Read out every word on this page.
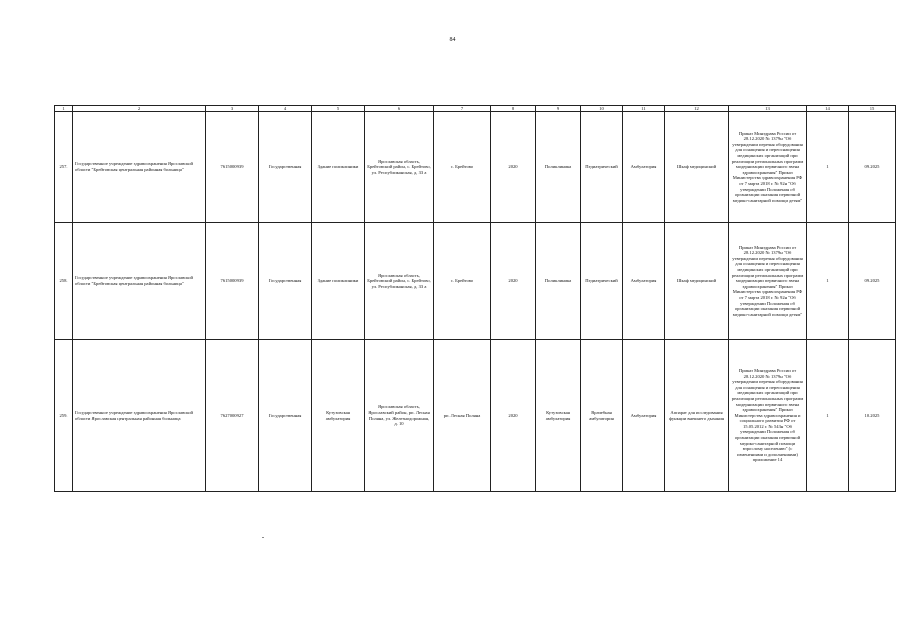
84
1	2	3	4	5	6	7	8	9	10	11	12	13	14	15
257.	Государственное учреждение здравоохранения Ярославской области "Брейтовская центральная районная больница"	7615000939	Государственная	Здание поликлиники	Ярославская область, Брейтовский район, с. Брейтово, ул. Республиканская, д. 33 а	с. Брейтово	2020	Поликлиника	Педиатрический	Амбулатория	Шкаф медицинский	Приказ Минздрава России от 28.12.2020 № 1379н "Об утверждении перечня оборудования для оснащения и переоснащения медицинских организаций при реализации региональных программ модернизации первичного звена здравоохранения" Приказ Министерства здравоохранения РФ от 7 марта 2018 г. № 92н "Об утверждении Положения об организации оказания первичной медико-санитарной помощи детям"	1	09.2025
258.	Государственное учреждение здравоохранения Ярославской области "Брейтовская центральная районная больница"	7615000939	Государственная	Здание поликлиники	Ярославская область, Брейтовский район, с. Брейтово, ул. Республиканская, д. 33 а	с. Брейтово	2020	Поликлиника	Педиатрический	Амбулатория	Шкаф медицинский	Приказ Минздрава России от 28.12.2020 № 1379н "Об утверждении перечня оборудования для оснащения и переоснащения медицинских организаций при реализации региональных программ модернизации первичного звена здравоохранения" Приказ Министерства здравоохранения РФ от 7 марта 2018 г. № 92н "Об утверждении Положения об организации оказания первичной медико-санитарной помощи детям"	1	09.2025
259.	Государственное учреждение здравоохранения Ярославской области Ярославская центральная районная больница	7627000927	Государственная	Кутузовская амбулатория	Ярославская область, Ярославский район, рп. Лесная Поляна, ул. Железнодорожная, д. 10	рп. Лесная Поляна	2020	Кутузовская амбулатория	Врачебная амбулатория	Амбулатория	Аппарат для исследования функции внешнего дыхания	Приказ Минздрава России от 28.12.2020 № 1379н "Об утверждении перечня оборудования для оснащения и переоснащения медицинских организаций при реализации региональных программ модернизации первичного звена здравоохранения" Приказ Министерства здравоохранения и социального развития РФ от 15.05.2012 г. № 543н "Об утверждении Положения об организации оказания первичной медико-санитарной помощи взрослому населению" (с изменениями и дополнениями) приложение 14	1	10.2025
